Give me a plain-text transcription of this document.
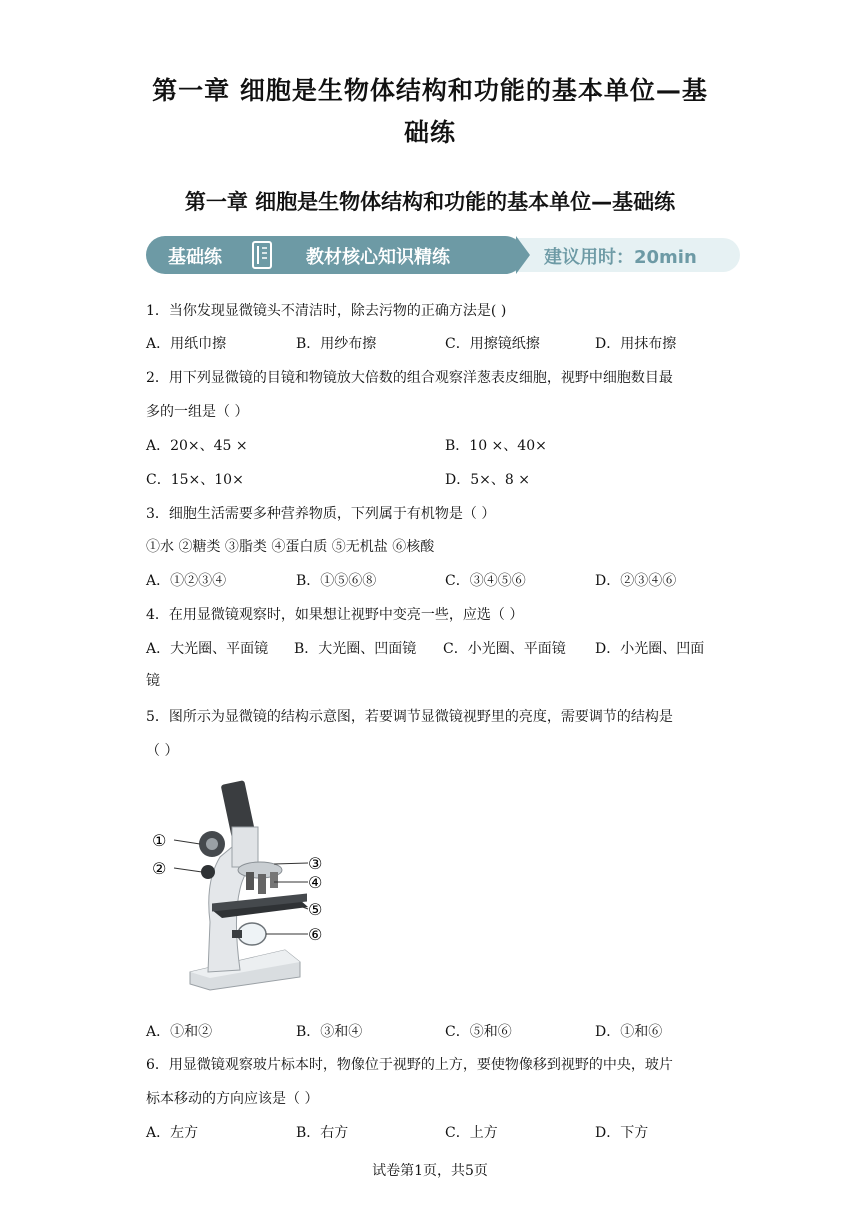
第一章 细胞是生物体结构和功能的基本单位—基
础练
第一章 细胞是生物体结构和功能的基本单位—基础练
基础练	教材核心知识精练	建议用时：20min
1．当你发现显微镜头不清洁时，除去污物的正确方法是( )
A．用纸巾擦	B．用纱布擦	C．用擦镜纸擦	D．用抹布擦
2．用下列显微镜的目镜和物镜放大倍数的组合观察洋葱表皮细胞，视野中细胞数目最
多的一组是（ ）
A．20×、45 ×	B．10 ×、40×
C．15×、10×	D．5×、8 ×
3．细胞生活需要多种营养物质，下列属于有机物是（ ）
①水 ②糖类 ③脂类 ④蛋白质 ⑤无机盐 ⑥核酸
A．①②③④	B．①⑤⑥⑧	C．③④⑤⑥	D．②③④⑥
4．在用显微镜观察时，如果想让视野中变亮一些，应选（ ）
A．大光圈、平面镜 B．大光圈、凹面镜 C．小光圈、平面镜 D．小光圈、凹面
镜
5．图所示为显微镜的结构示意图，若要调节显微镜视野里的亮度，需要调节的结构是
（ ）
①
②	③
④
⑤
⑥
A．①和②	B．③和④	C．⑤和⑥	D．①和⑥
6．用显微镜观察玻片标本时，物像位于视野的上方，要使物像移到视野的中央，玻片
标本移动的方向应该是（ ）
A．左方	B．右方	C．上方	D．下方
试卷第1页，共5页
